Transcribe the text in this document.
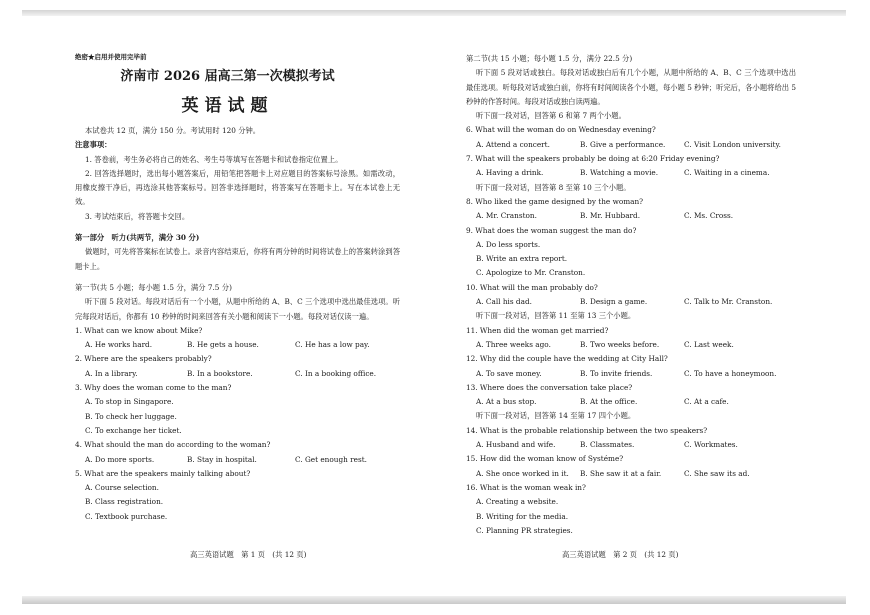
绝密★启用并使用完毕前
济南市 2026 届高三第一次模拟考试
英语试题
本试卷共 12 页，满分 150 分。考试用时 120 分钟。
注意事项：
1. 答卷前，考生务必将自己的姓名、考生号等填写在答题卡和试卷指定位置上。
2. 回答选择题时，选出每小题答案后，用铅笔把答题卡上对应题目的答案标号涂黑。如需改动，用橡皮擦干净后，再选涂其他答案标号。回答非选择题时，将答案写在答题卡上。写在本试卷上无效。
3. 考试结束后，将答题卡交回。
第一部分　听力(共两节，满分 30 分)
做题时，可先将答案标在试卷上。录音内容结束后，你将有两分钟的时间将试卷上的答案转涂到答题卡上。
第一节(共 5 小题；每小题 1.5 分，满分 7.5 分)
听下面 5 段对话。每段对话后有一个小题，从题中所给的 A、B、C 三个选项中选出最佳选项。听完每段对话后，你都有 10 秒钟的时间来回答有关小题和阅读下一小题。每段对话仅读一遍。
1. What can we know about Mike?
A. He works hard.	B. He gets a house.	C. He has a low pay.
2. Where are the speakers probably?
A. In a library.	B. In a bookstore.	C. In a booking office.
3. Why does the woman come to the man?
A. To stop in Singapore.
B. To check her luggage.
C. To exchange her ticket.
4. What should the man do according to the woman?
A. Do more sports.	B. Stay in hospital.	C. Get enough rest.
5. What are the speakers mainly talking about?
A. Course selection.
B. Class registration.
C. Textbook purchase.
第二节(共 15 小题；每小题 1.5 分，满分 22.5 分)
听下面 5 段对话或独白。每段对话或独白后有几个小题，从题中所给的 A、B、C 三个选项中选出最佳选项。听每段对话或独白前，你将有时间阅读各个小题，每小题 5 秒钟；听完后，各小题将给出 5 秒钟的作答时间。每段对话或独白读两遍。
听下面一段对话，回答第 6 和第 7 两个小题。
6. What will the woman do on Wednesday evening?
A. Attend a concert.	B. Give a performance.	C. Visit London university.
7. What will the speakers probably be doing at 6:20 Friday evening?
A. Having a drink.	B. Watching a movie.	C. Waiting in a cinema.
听下面一段对话，回答第 8 至第 10 三个小题。
8. Who liked the game designed by the woman?
A. Mr. Cranston.	B. Mr. Hubbard.	C. Ms. Cross.
9. What does the woman suggest the man do?
A. Do less sports.
B. Write an extra report.
C. Apologize to Mr. Cranston.
10. What will the man probably do?
A. Call his dad.	B. Design a game.	C. Talk to Mr. Cranston.
听下面一段对话，回答第 11 至第 13 三个小题。
11. When did the woman get married?
A. Three weeks ago.	B. Two weeks before.	C. Last week.
12. Why did the couple have the wedding at City Hall?
A. To save money.	B. To invite friends.	C. To have a honeymoon.
13. Where does the conversation take place?
A. At a bus stop.	B. At the office.	C. At a cafe.
听下面一段对话，回答第 14 至第 17 四个小题。
14. What is the probable relationship between the two speakers?
A. Husband and wife.	B. Classmates.	C. Workmates.
15. How did the woman know of Systéme?
A. She once worked in it.	B. She saw it at a fair.	C. She saw its ad.
16. What is the woman weak in?
A. Creating a website.
B. Writing for the media.
C. Planning PR strategies.
高三英语试题　第 1 页　(共 12 页)	高三英语试题　第 2 页　(共 12 页)
